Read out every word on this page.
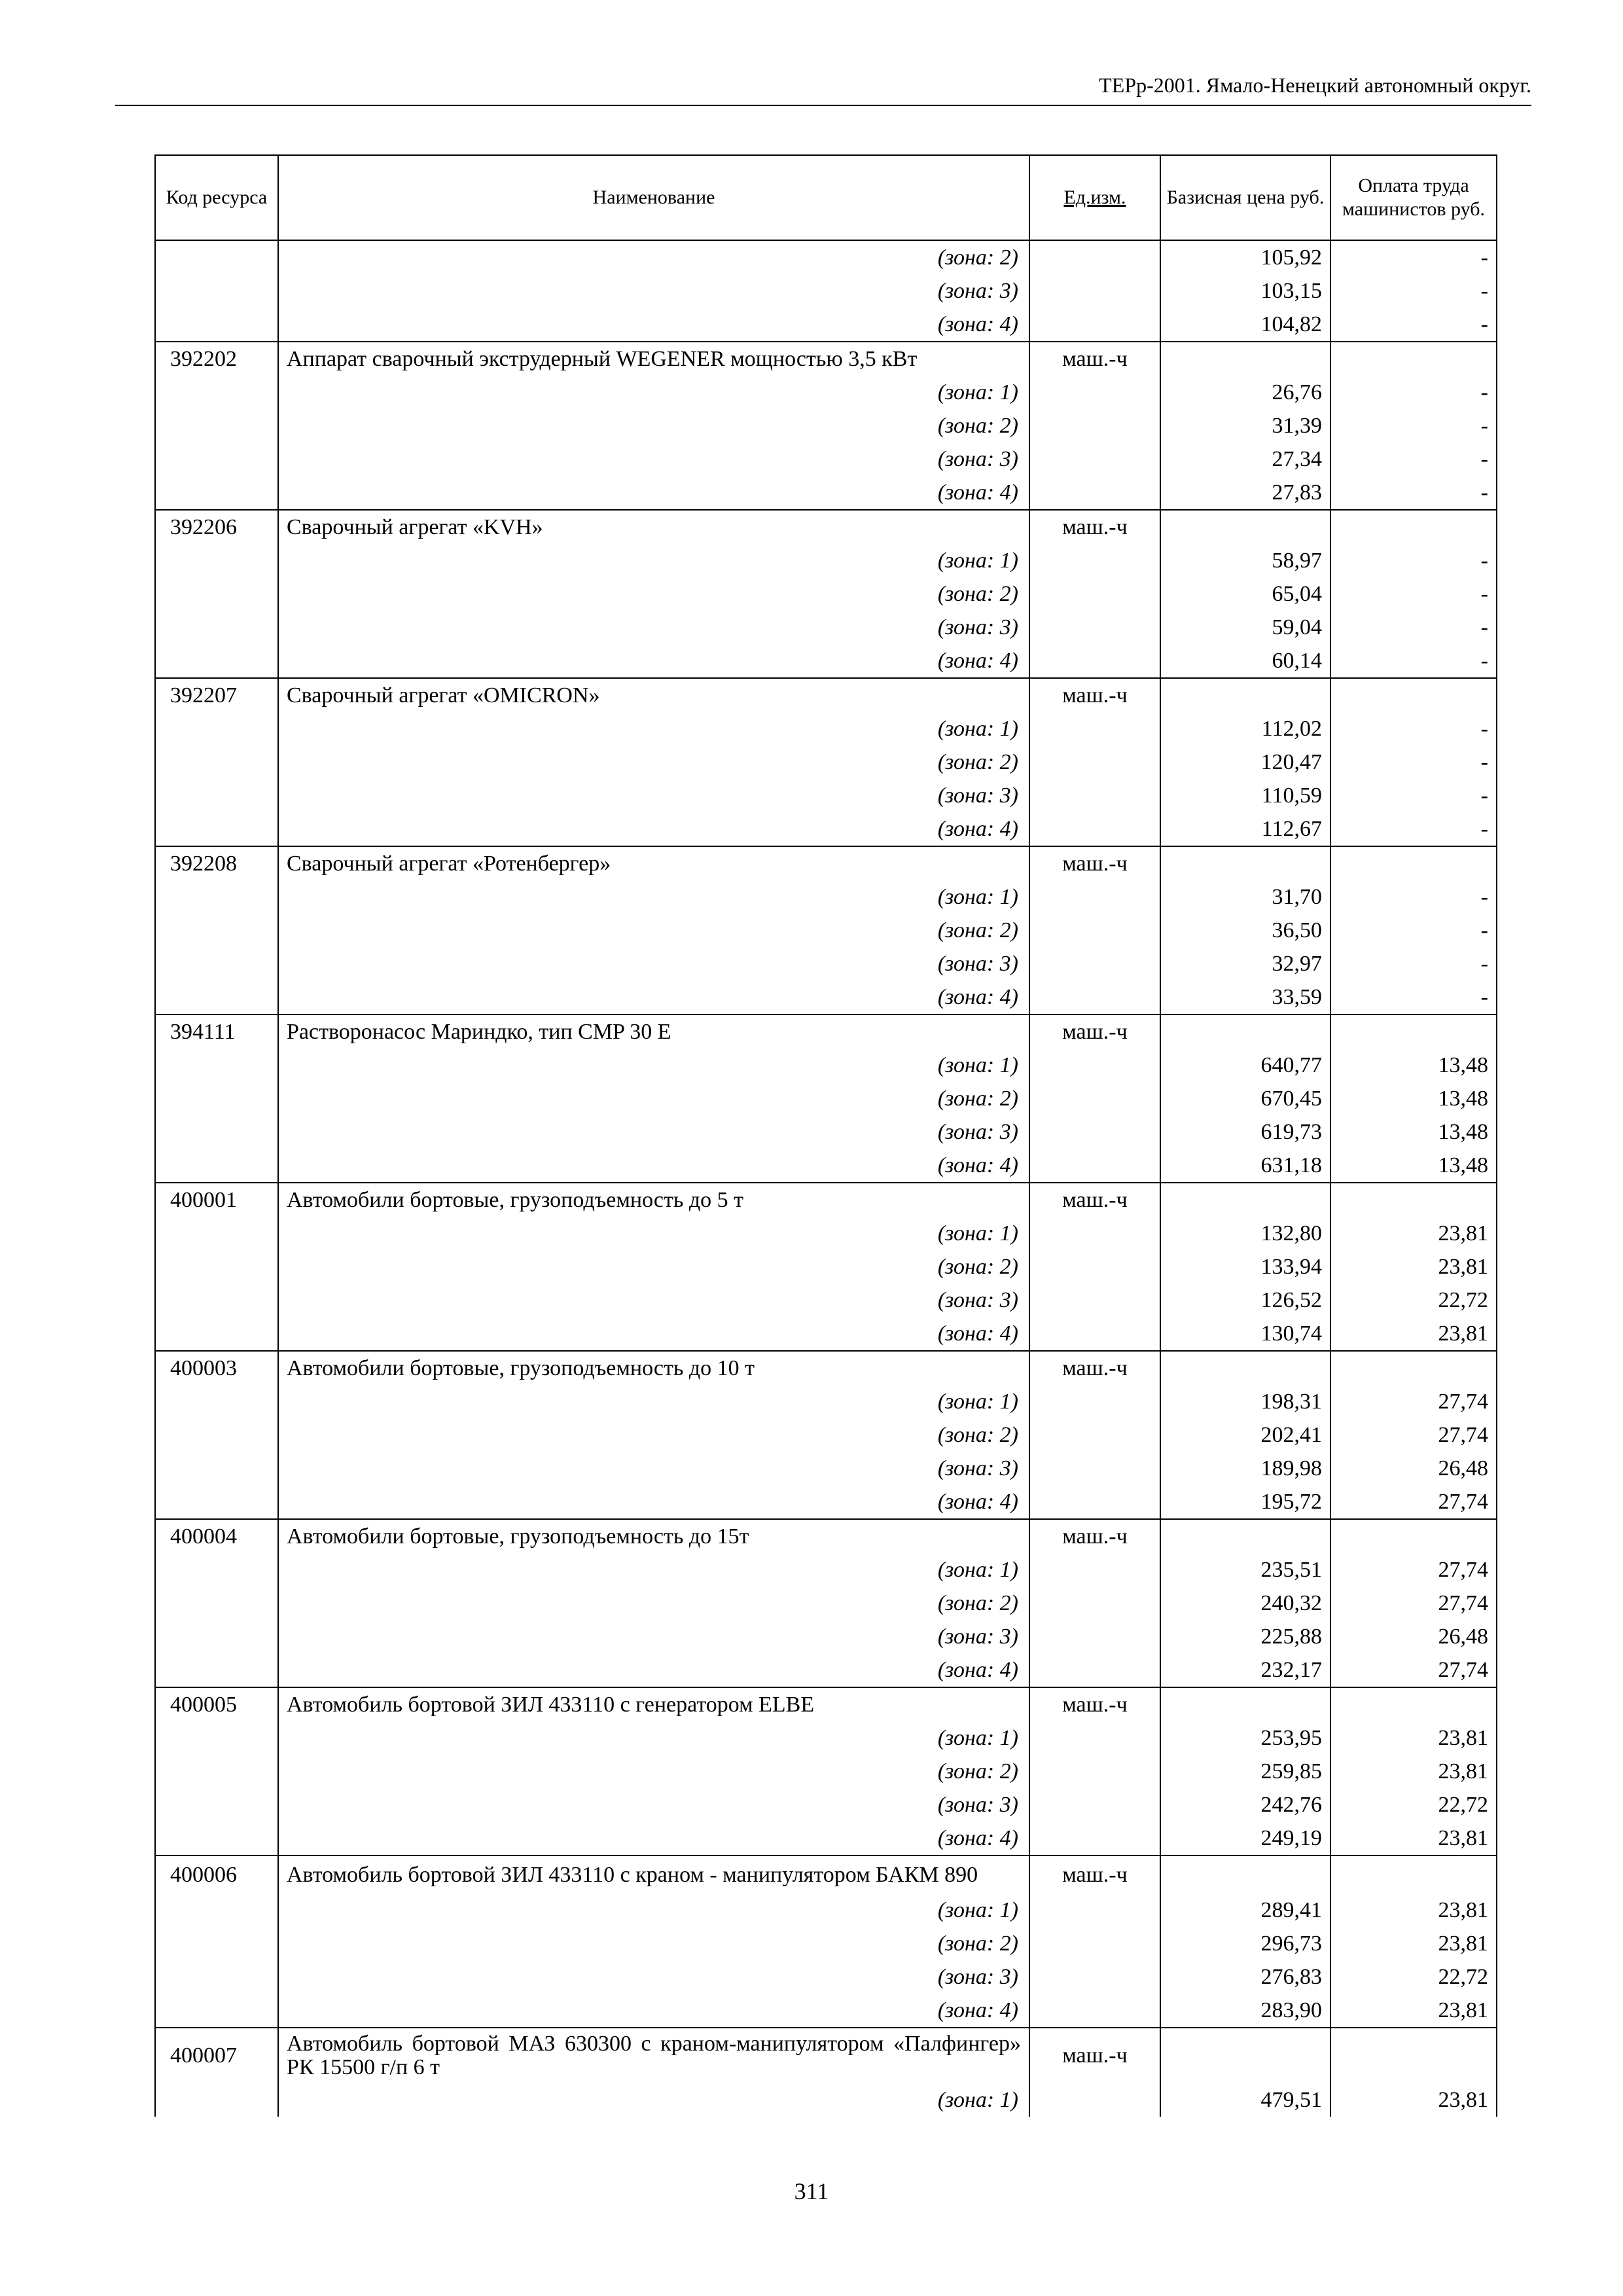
ТЕРр-2001. Ямало-Ненецкий автономный округ.
Код ресурса	Наименование	Ед.изм.	Базисная цена руб.	Оплата труда машинистов руб.
	(зона: 2)		105,92	-
	(зона: 3)		103,15	-
	(зона: 4)		104,82	-
392202	Аппарат сварочный экструдерный WEGENER мощностью 3,5 кВт	маш.-ч		
	(зона: 1)		26,76	-
	(зона: 2)		31,39	-
	(зона: 3)		27,34	-
	(зона: 4)		27,83	-
392206	Сварочный агрегат «KVH»	маш.-ч		
	(зона: 1)		58,97	-
	(зона: 2)		65,04	-
	(зона: 3)		59,04	-
	(зона: 4)		60,14	-
392207	Сварочный агрегат «OMICRON»	маш.-ч		
	(зона: 1)		112,02	-
	(зона: 2)		120,47	-
	(зона: 3)		110,59	-
	(зона: 4)		112,67	-
392208	Сварочный агрегат «Ротенбергер»	маш.-ч		
	(зона: 1)		31,70	-
	(зона: 2)		36,50	-
	(зона: 3)		32,97	-
	(зона: 4)		33,59	-
394111	Растворонасос Мариндко, тип CMP 30 E	маш.-ч		
	(зона: 1)		640,77	13,48
	(зона: 2)		670,45	13,48
	(зона: 3)		619,73	13,48
	(зона: 4)		631,18	13,48
400001	Автомобили бортовые, грузоподъемность до 5 т	маш.-ч		
	(зона: 1)		132,80	23,81
	(зона: 2)		133,94	23,81
	(зона: 3)		126,52	22,72
	(зона: 4)		130,74	23,81
400003	Автомобили бортовые, грузоподъемность до 10 т	маш.-ч		
	(зона: 1)		198,31	27,74
	(зона: 2)		202,41	27,74
	(зона: 3)		189,98	26,48
	(зона: 4)		195,72	27,74
400004	Автомобили бортовые, грузоподъемность до 15т	маш.-ч		
	(зона: 1)		235,51	27,74
	(зона: 2)		240,32	27,74
	(зона: 3)		225,88	26,48
	(зона: 4)		232,17	27,74
400005	Автомобиль бортовой ЗИЛ 433110 с генератором ELBE	маш.-ч		
	(зона: 1)		253,95	23,81
	(зона: 2)		259,85	23,81
	(зона: 3)		242,76	22,72
	(зона: 4)		249,19	23,81
400006	Автомобиль бортовой ЗИЛ 433110 с краном - манипулятором БАКМ 890	маш.-ч		
	(зона: 1)		289,41	23,81
	(зона: 2)		296,73	23,81
	(зона: 3)		276,83	22,72
	(зона: 4)		283,90	23,81
400007	Автомобиль бортовой МАЗ 630300 с краном-манипулятором «Палфингер» РК 15500 г/п 6 т	маш.-ч		
	(зона: 1)		479,51	23,81
311
